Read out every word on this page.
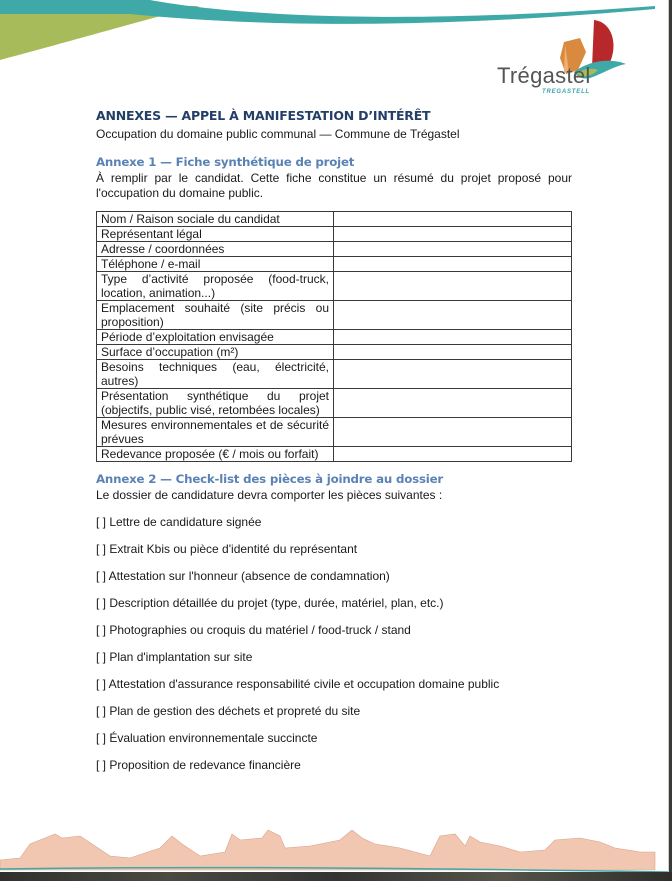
Trégastel
TREGASTELL
ANNEXES — APPEL À MANIFESTATION D’INTÉRÊT
Occupation du domaine public communal — Commune de Trégastel
Annexe 1 — Fiche synthétique de projet
À remplir par le candidat. Cette fiche constitue un résumé du projet proposé pour l'occupation du domaine public.
Nom / Raison sociale du candidat	
Représentant légal	
Adresse / coordonnées	
Téléphone / e-mail	
Type d’activité proposée (food-truck, location, animation...)	
Emplacement souhaité (site précis ou proposition)	
Période d’exploitation envisagée	
Surface d’occupation (m²)	
Besoins techniques (eau, électricité, autres)	
Présentation synthétique du projet (objectifs, public visé, retombées locales)	
Mesures environnementales et de sécurité prévues	
Redevance proposée (€ / mois ou forfait)	
Annexe 2 — Check-list des pièces à joindre au dossier
Le dossier de candidature devra comporter les pièces suivantes :
[ ] Lettre de candidature signée
[ ] Extrait Kbis ou pièce d'identité du représentant
[ ] Attestation sur l'honneur (absence de condamnation)
[ ] Description détaillée du projet (type, durée, matériel, plan, etc.)
[ ] Photographies ou croquis du matériel / food-truck / stand
[ ] Plan d'implantation sur site
[ ] Attestation d'assurance responsabilité civile et occupation domaine public
[ ] Plan de gestion des déchets et propreté du site
[ ] Évaluation environnementale succincte
[ ] Proposition de redevance financière
